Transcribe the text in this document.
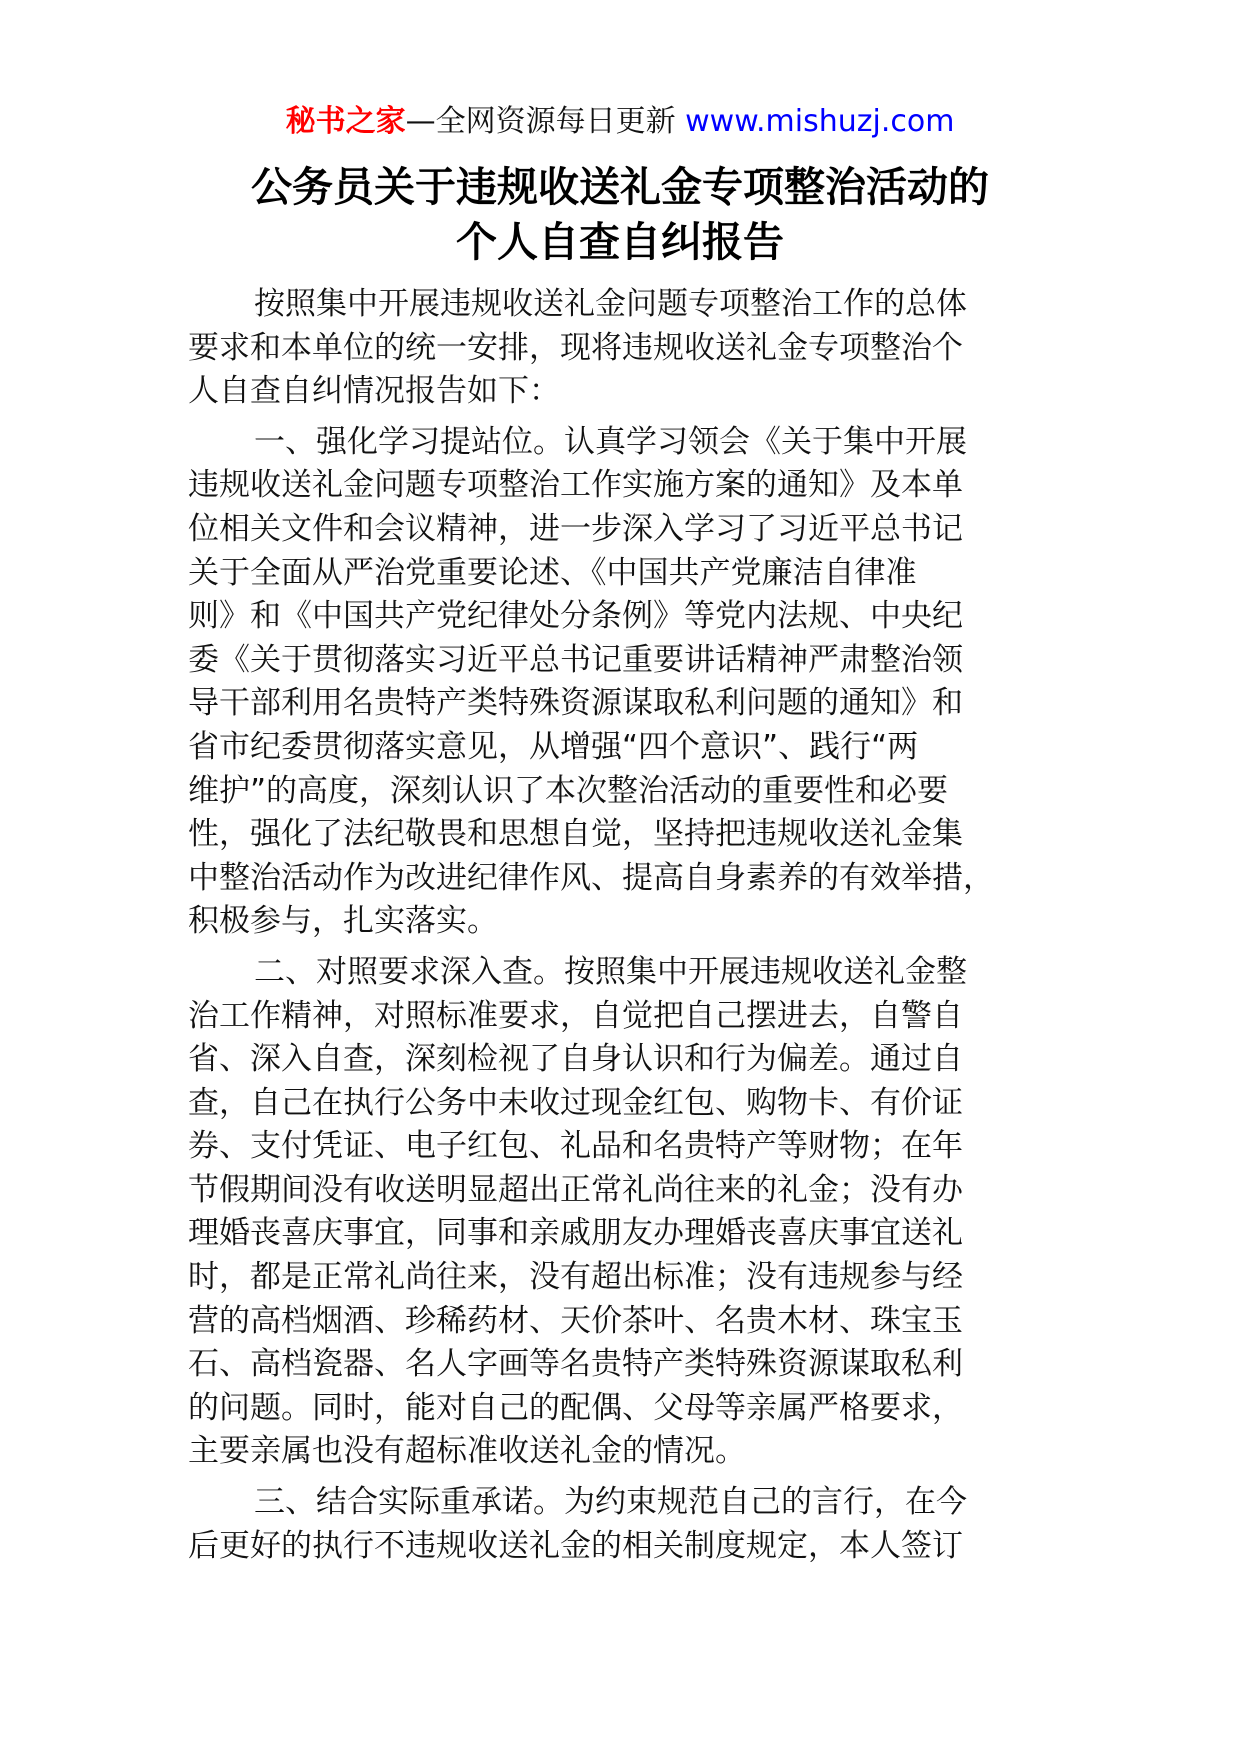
秘书之家—全网资源每日更新 www.mishuzj.com
公务员关于违规收送礼金专项整治活动的
个人自查自纠报告
按照集中开展违规收送礼金问题专项整治工作的总体
要求和本单位的统一安排，现将违规收送礼金专项整治个
人自查自纠情况报告如下：
一、强化学习提站位。认真学习领会《关于集中开展
违规收送礼金问题专项整治工作实施方案的通知》及本单
位相关文件和会议精神，进一步深入学习了习近平总书记
关于全面从严治党重要论述、《中国共产党廉洁自律准
则》和《中国共产党纪律处分条例》等党内法规、中央纪
委《关于贯彻落实习近平总书记重要讲话精神严肃整治领
导干部利用名贵特产类特殊资源谋取私利问题的通知》和
省市纪委贯彻落实意见，从增强“四个意识”、践行“两
维护”的高度，深刻认识了本次整治活动的重要性和必要
性，强化了法纪敬畏和思想自觉，坚持把违规收送礼金集
中整治活动作为改进纪律作风、提高自身素养的有效举措，
积极参与，扎实落实。
二、对照要求深入查。按照集中开展违规收送礼金整
治工作精神，对照标准要求，自觉把自己摆进去，自警自
省、深入自查，深刻检视了自身认识和行为偏差。通过自
查，自己在执行公务中未收过现金红包、购物卡、有价证
券、支付凭证、电子红包、礼品和名贵特产等财物；在年
节假期间没有收送明显超出正常礼尚往来的礼金；没有办
理婚丧喜庆事宜，同事和亲戚朋友办理婚丧喜庆事宜送礼
时，都是正常礼尚往来，没有超出标准；没有违规参与经
营的高档烟酒、珍稀药材、天价茶叶、名贵木材、珠宝玉
石、高档瓷器、名人字画等名贵特产类特殊资源谋取私利
的问题。同时，能对自己的配偶、父母等亲属严格要求，
主要亲属也没有超标准收送礼金的情况。
三、结合实际重承诺。为约束规范自己的言行，在今
后更好的执行不违规收送礼金的相关制度规定，本人签订
